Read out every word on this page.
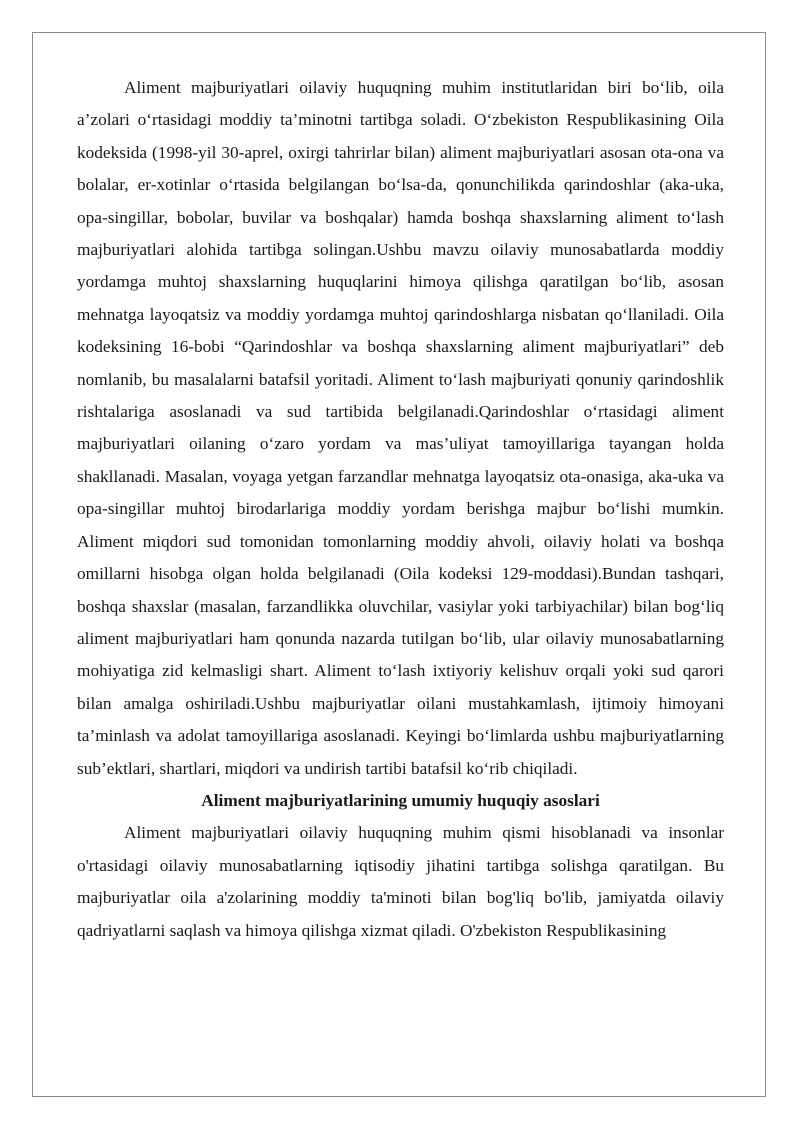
Aliment majburiyatlari oilaviy huquqning muhim institutlaridan biri bo‘lib, oila a’zolari o‘rtasidagi moddiy ta’minotni tartibga soladi. O‘zbekiston Respublikasining Oila kodeksida (1998-yil 30-aprel, oxirgi tahrirlar bilan) aliment majburiyatlari asosan ota-ona va bolalar, er-xotinlar o‘rtasida belgilangan bo‘lsa-da, qonunchilikda qarindoshlar (aka-uka, opa-singillar, bobolar, buvilar va boshqalar) hamda boshqa shaxslarning aliment to‘lash majburiyatlari alohida tartibga solingan.Ushbu mavzu oilaviy munosabatlarda moddiy yordamga muhtoj shaxslarning huquqlarini himoya qilishga qaratilgan bo‘lib, asosan mehnatga layoqatsiz va moddiy yordamga muhtoj qarindoshlarga nisbatan qo‘llaniladi. Oila kodeksining 16-bobi “Qarindoshlar va boshqa shaxslarning aliment majburiyatlari” deb nomlanib, bu masalalarni batafsil yoritadi. Aliment to‘lash majburiyati qonuniy qarindoshlik rishtalariga asoslanadi va sud tartibida belgilanadi.Qarindoshlar o‘rtasidagi aliment majburiyatlari oilaning o‘zaro yordam va mas’uliyat tamoyillariga tayangan holda shakllanadi. Masalan, voyaga yetgan farzandlar mehnatga layoqatsiz ota-onasiga, aka-uka va opa-singillar muhtoj birodarlariga moddiy yordam berishga majbur bo‘lishi mumkin. Aliment miqdori sud tomonidan tomonlarning moddiy ahvoli, oilaviy holati va boshqa omillarni hisobga olgan holda belgilanadi (Oila kodeksi 129-moddasi).Bundan tashqari, boshqa shaxslar (masalan, farzandlikka oluvchilar, vasiylar yoki tarbiyachilar) bilan bog‘liq aliment majburiyatlari ham qonunda nazarda tutilgan bo‘lib, ular oilaviy munosabatlarning mohiyatiga zid kelmasligi shart. Aliment to‘lash ixtiyoriy kelishuv orqali yoki sud qarori bilan amalga oshiriladi.Ushbu majburiyatlar oilani mustahkamlash, ijtimoiy himoyani ta’minlash va adolat tamoyillariga asoslanadi. Keyingi bo‘limlarda ushbu majburiyatlarning sub’ektlari, shartlari, miqdori va undirish tartibi batafsil ko‘rib chiqiladi.

Aliment majburiyatlarining umumiy huquqiy asoslari

Aliment majburiyatlari oilaviy huquqning muhim qismi hisoblanadi va insonlar o'rtasidagi oilaviy munosabatlarning iqtisodiy jihatini tartibga solishga qaratilgan. Bu majburiyatlar oila a'zolarining moddiy ta'minoti bilan bog'liq bo'lib, jamiyatda oilaviy qadriyatlarni saqlash va himoya qilishga xizmat qiladi. O'zbekiston Respublikasining
